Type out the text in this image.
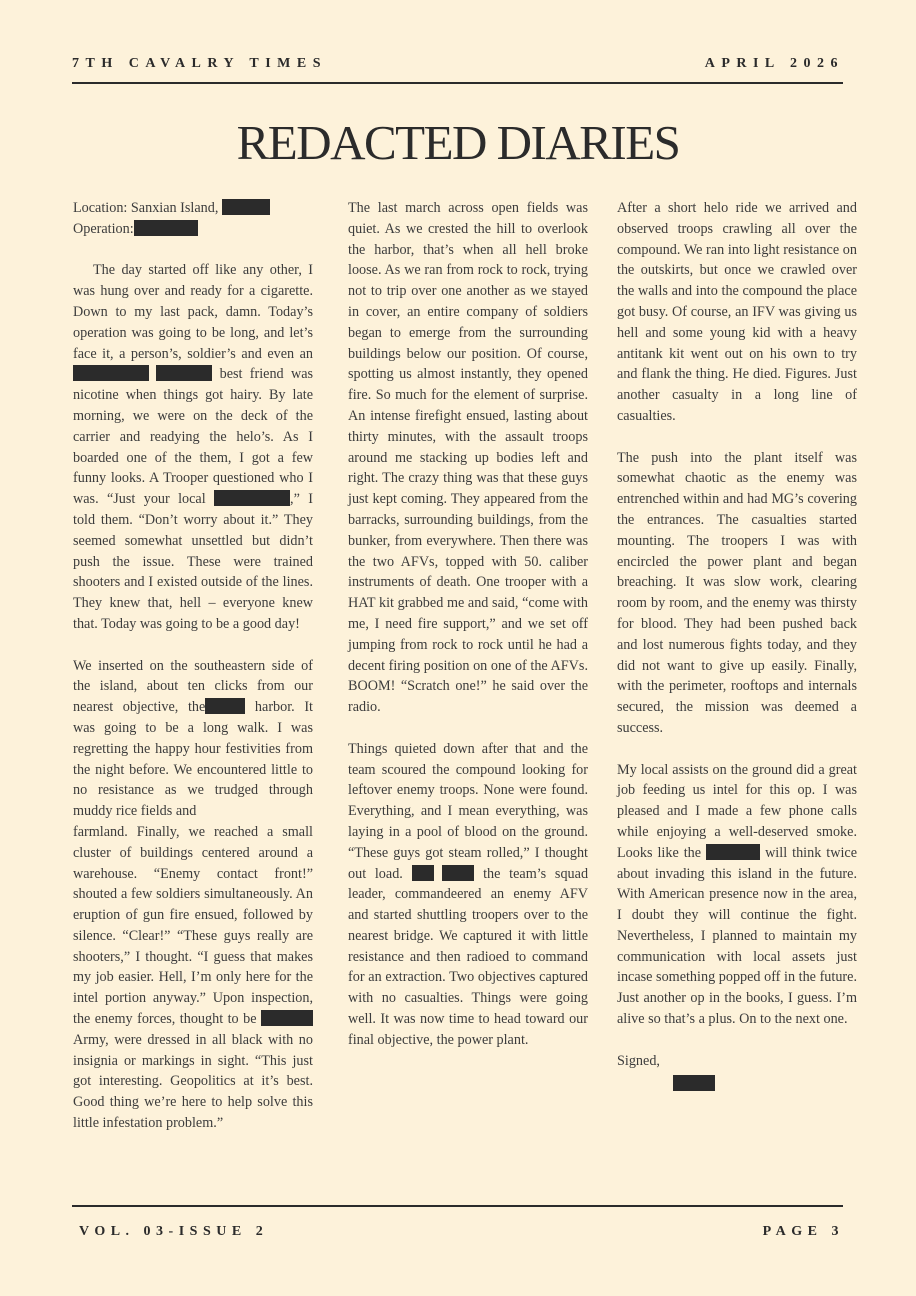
7TH CAVALRY TIMES	APRIL 2026
REDACTED DIARIES

Location: Sanxian Island,

Operation:

The day started off like any other, I was hung over and ready for a cigarette. Down to my last pack, damn. Today’s operation was going to be long, and let’s face it, a person’s, soldier’s and even an   best friend was nicotine when things got hairy. By late morning, we were on the deck of the carrier and readying the helo’s. As I boarded one of the them, I got a few funny looks. A Trooper questioned who I was. “Just your local	,” I told them. “Don’t worry about it.” They seemed somewhat unsettled but didn’t push the issue. These were trained shooters and I existed outside of the lines. They knew that, hell – everyone knew that. Today was going to be a good day!

We inserted on the southeastern side of the island, about ten clicks from our nearest objective, the	harbor. It was going to be a long walk. I was regretting the happy hour festivities from the night before. We encountered little to no resistance as we trudged through muddy rice fields and
farmland. Finally, we reached a small cluster of buildings centered around a warehouse. “Enemy contact front!” shouted a few soldiers simultaneously. An eruption of gun fire ensued, followed by silence. “Clear!” “These guys really are shooters,” I thought. “I guess that makes my job easier. Hell, I’m only here for the intel portion anyway.” Upon inspection, the enemy forces, thought to be  Army, were dressed in all black with no insignia or markings in sight. “This just got interesting. Geopolitics at it’s best. Good thing we’re here to help solve this little infestation problem.”

The last march across open fields was quiet. As we crested the hill to overlook the harbor, that’s when all hell broke loose. As we ran from rock to rock, trying not to trip over one another as we stayed in cover, an entire company of soldiers began to emerge from the surrounding buildings below our position. Of course, spotting us almost instantly, they opened fire. So much for the element of surprise. An intense firefight ensued, lasting about thirty minutes, with the assault troops around me stacking up bodies left and right. The crazy thing was that these guys just kept coming. They appeared from the barracks, surrounding buildings, from the bunker, from everywhere. Then there was the two AFVs, topped with 50. caliber instruments of death. One trooper with a HAT kit grabbed me and said, “come with me, I need fire support,” and we set off jumping from rock to rock until he had a decent firing position on one of the AFVs. BOOM! “Scratch one!” he said over the radio.

Things quieted down after that and the team scoured the compound looking for leftover enemy troops. None were found. Everything, and I mean everything, was laying in a pool of blood on the ground. “These guys got steam rolled,” I thought out load.	the team’s squad leader, commandeered an enemy AFV and started shuttling troopers over to the nearest bridge. We captured it with little resistance and then radioed to command for an extraction. Two objectives captured with no casualties. Things were going well. It was now time to head toward our final objective, the power plant.

After a short helo ride we arrived and observed troops crawling all over the compound. We ran into light resistance on the outskirts, but once we crawled over the walls and into the compound the place got busy. Of course, an IFV was giving us hell and some young kid with a heavy antitank kit went out on his own to try and flank the thing. He died. Figures. Just another casualty in a long line of casualties.

The push into the plant itself was somewhat chaotic as the enemy was entrenched within and had MG’s covering the entrances. The casualties started mounting. The troopers I was with encircled the power plant and began breaching. It was slow work, clearing room by room, and the enemy was thirsty for blood. They had been pushed back and lost numerous fights today, and they did not want to give up easily. Finally, with the perimeter, rooftops and internals secured, the mission was deemed a success.

My local assists on the ground did a great job feeding us intel for this op. I was pleased and I made a few phone calls while enjoying a well-deserved smoke. Looks like the	will think twice about invading this island in the future. With American presence now in the area, I doubt they will continue the fight. Nevertheless, I planned to maintain my communication with local assets just incase something popped off in the future. Just another op in the books, I guess. I’m alive so that’s a plus. On to the next one.

Signed,

VOL. 03-ISSUE 2	PAGE 3
